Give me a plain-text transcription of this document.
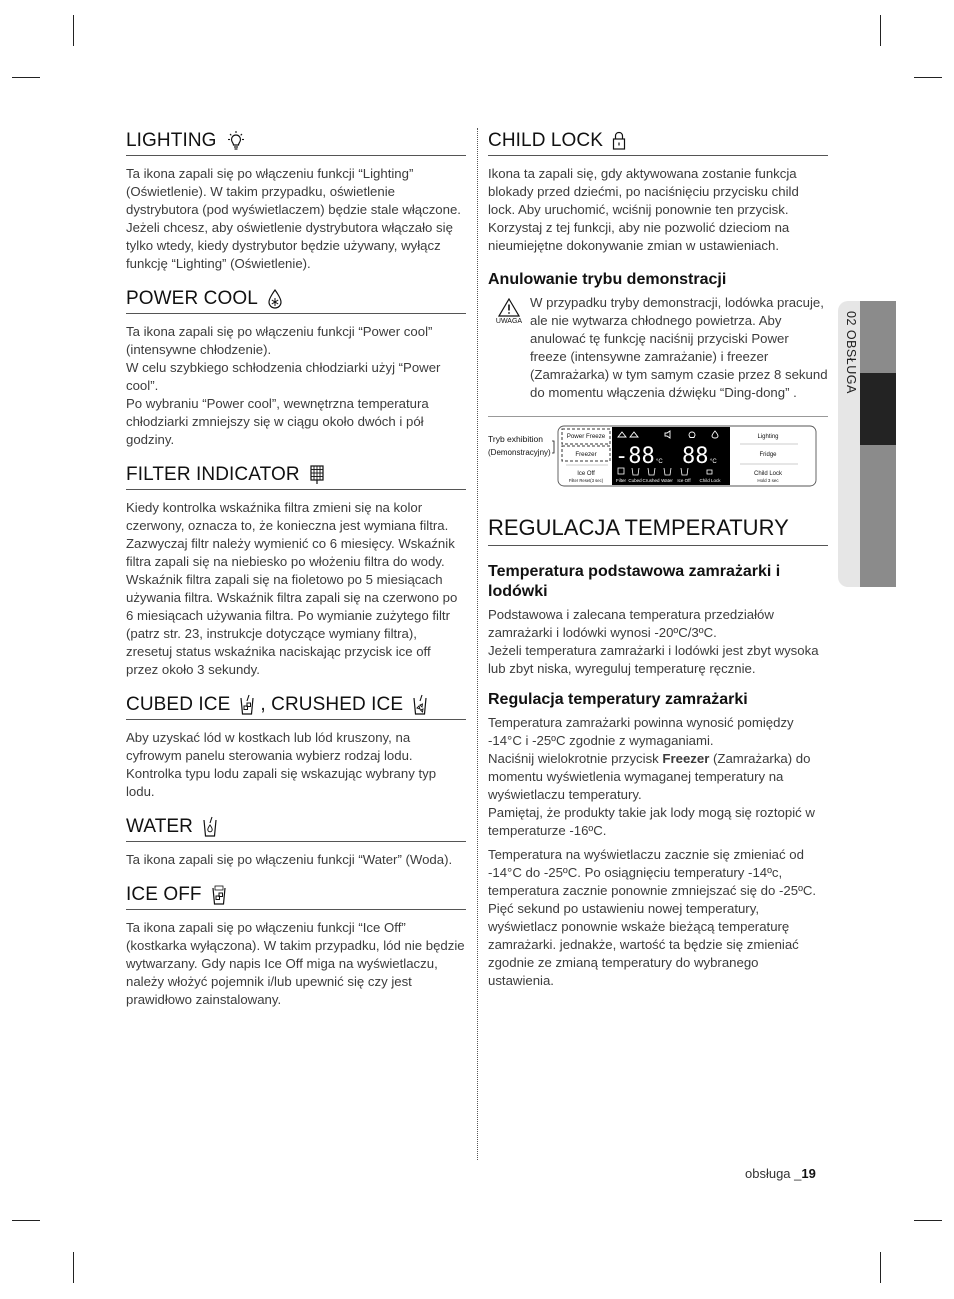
LIGHTING

Ta ikona zapali się po włączeniu funkcji “Lighting” (Oświetlenie). W takim przypadku, oświetlenie dystrybutora (pod wyświetlaczem) będzie stale włączone. Jeżeli chcesz, aby oświetlenie dystrybutora włączało się tylko wtedy, kiedy dystrybutor będzie używany, wyłącz funkcję “Lighting” (Oświetlenie).

POWER COOL

Ta ikona zapali się po włączeniu funkcji “Power cool” (intensywne chłodzenie).

W celu szybkiego schłodzenia chłodziarki użyj “Power cool”.

Po wybraniu “Power cool”, wewnętrzna temperatura chłodziarki zmniejszy się w ciągu około dwóch i pół godziny.

FILTER INDICATOR

Kiedy kontrolka wskaźnika filtra zmieni się na kolor czerwony, oznacza to, że konieczna jest wymiana filtra. Zazwyczaj filtr należy wymienić co 6 miesięcy. Wskaźnik filtra zapali się na niebiesko po włożeniu filtra do wody. Wskaźnik filtra zapali się na fioletowo po 5 miesiącach używania filtra. Wskaźnik filtra zapali się na czerwono po 6 miesiącach używania filtra. Po wymianie zużytego filtr (patrz str. 23, instrukcje dotyczące wymiany filtra), zresetuj status wskaźnika naciskając przycisk ice off przez około 3 sekundy.

CUBED ICE , CRUSHED ICE

Aby uzyskać lód w kostkach lub lód kruszony, na cyfrowym panelu sterowania wybierz rodzaj lodu. Kontrolka typu lodu zapali się wskazując wybrany typ lodu.

WATER

Ta ikona zapali się po włączeniu funkcji “Water” (Woda).

ICE OFF

Ta ikona zapali się po włączeniu funkcji “Ice Off” (kostkarka wyłączona). W takim przypadku, lód nie będzie wytwarzany. Gdy napis Ice Off miga na wyświetlaczu, należy włożyć pojemnik i/lub upewnić się czy jest prawidłowo zainstalowany.

CHILD LOCK

Ikona ta zapali się, gdy aktywowana zostanie funkcja blokady przed dziećmi, po naciśnięciu przycisku child lock. Aby uruchomić, wciśnij ponownie ten przycisk. Korzystaj z tej funkcji, aby nie pozwolić dzieciom na nieumiejętne dokonywanie zmian w ustawieniach.

Anulowanie trybu demonstracji
UWAGA

W przypadku tryby demonstracji, lodówka pracuje, ale nie wytwarza chłodnego powietrza. Aby anulować tę funkcję naciśnij przyciski Power freeze (intensywne zamrażanie) i freezer (Zamrażarka) w tym samym czasie przez 8 sekund do momentu włączenia dźwięku “Ding-dong” .

Tryb exhibition
(Demonstracyjny)
Power Freeze
Freezer
Ice Off
Filter Reset(3 sec)
-88 °C 88 °C
Filter Cubed Crushed Water Ice Off Child Lock
Lighting
Fridge
Child Lock
Hold 3 sec
REGULACJA TEMPERATURY
Temperatura podstawowa zamrażarki i lodówki

Podstawowa i zalecana temperatura przedziałów zamrażarki i lodówki wynosi -20ºC/3ºC.

Jeżeli temperatura zamrażarki i lodówki jest zbyt wysoka lub zbyt niska, wyreguluj temperaturę ręcznie.

Regulacja temperatury zamrażarki

Temperatura zamrażarki powinna wynosić pomiędzy -14°C i -25ºC zgodnie z wymaganiami.

Naciśnij wielokrotnie przycisk Freezer (Zamrażarka) do momentu wyświetlenia wymaganej temperatury na wyświetlaczu temperatury.

Pamiętaj, że produkty takie jak lody mogą się roztopić w temperaturze -16ºC.

Temperatura na wyświetlaczu zacznie się zmieniać od -14°C do -25ºC. Po osiągnięciu temperatury -14ºc, temperatura zacznie ponownie zmniejszać się do -25ºC.

Pięć sekund po ustawieniu nowej temperatury, wyświetlacz ponownie wskaże bieżącą temperaturę zamrażarki. jednakże, wartość ta będzie się zmieniać zgodnie ze zmianą temperatury do wybranego ustawienia.

02 OBSŁUGA
obsługa _19
